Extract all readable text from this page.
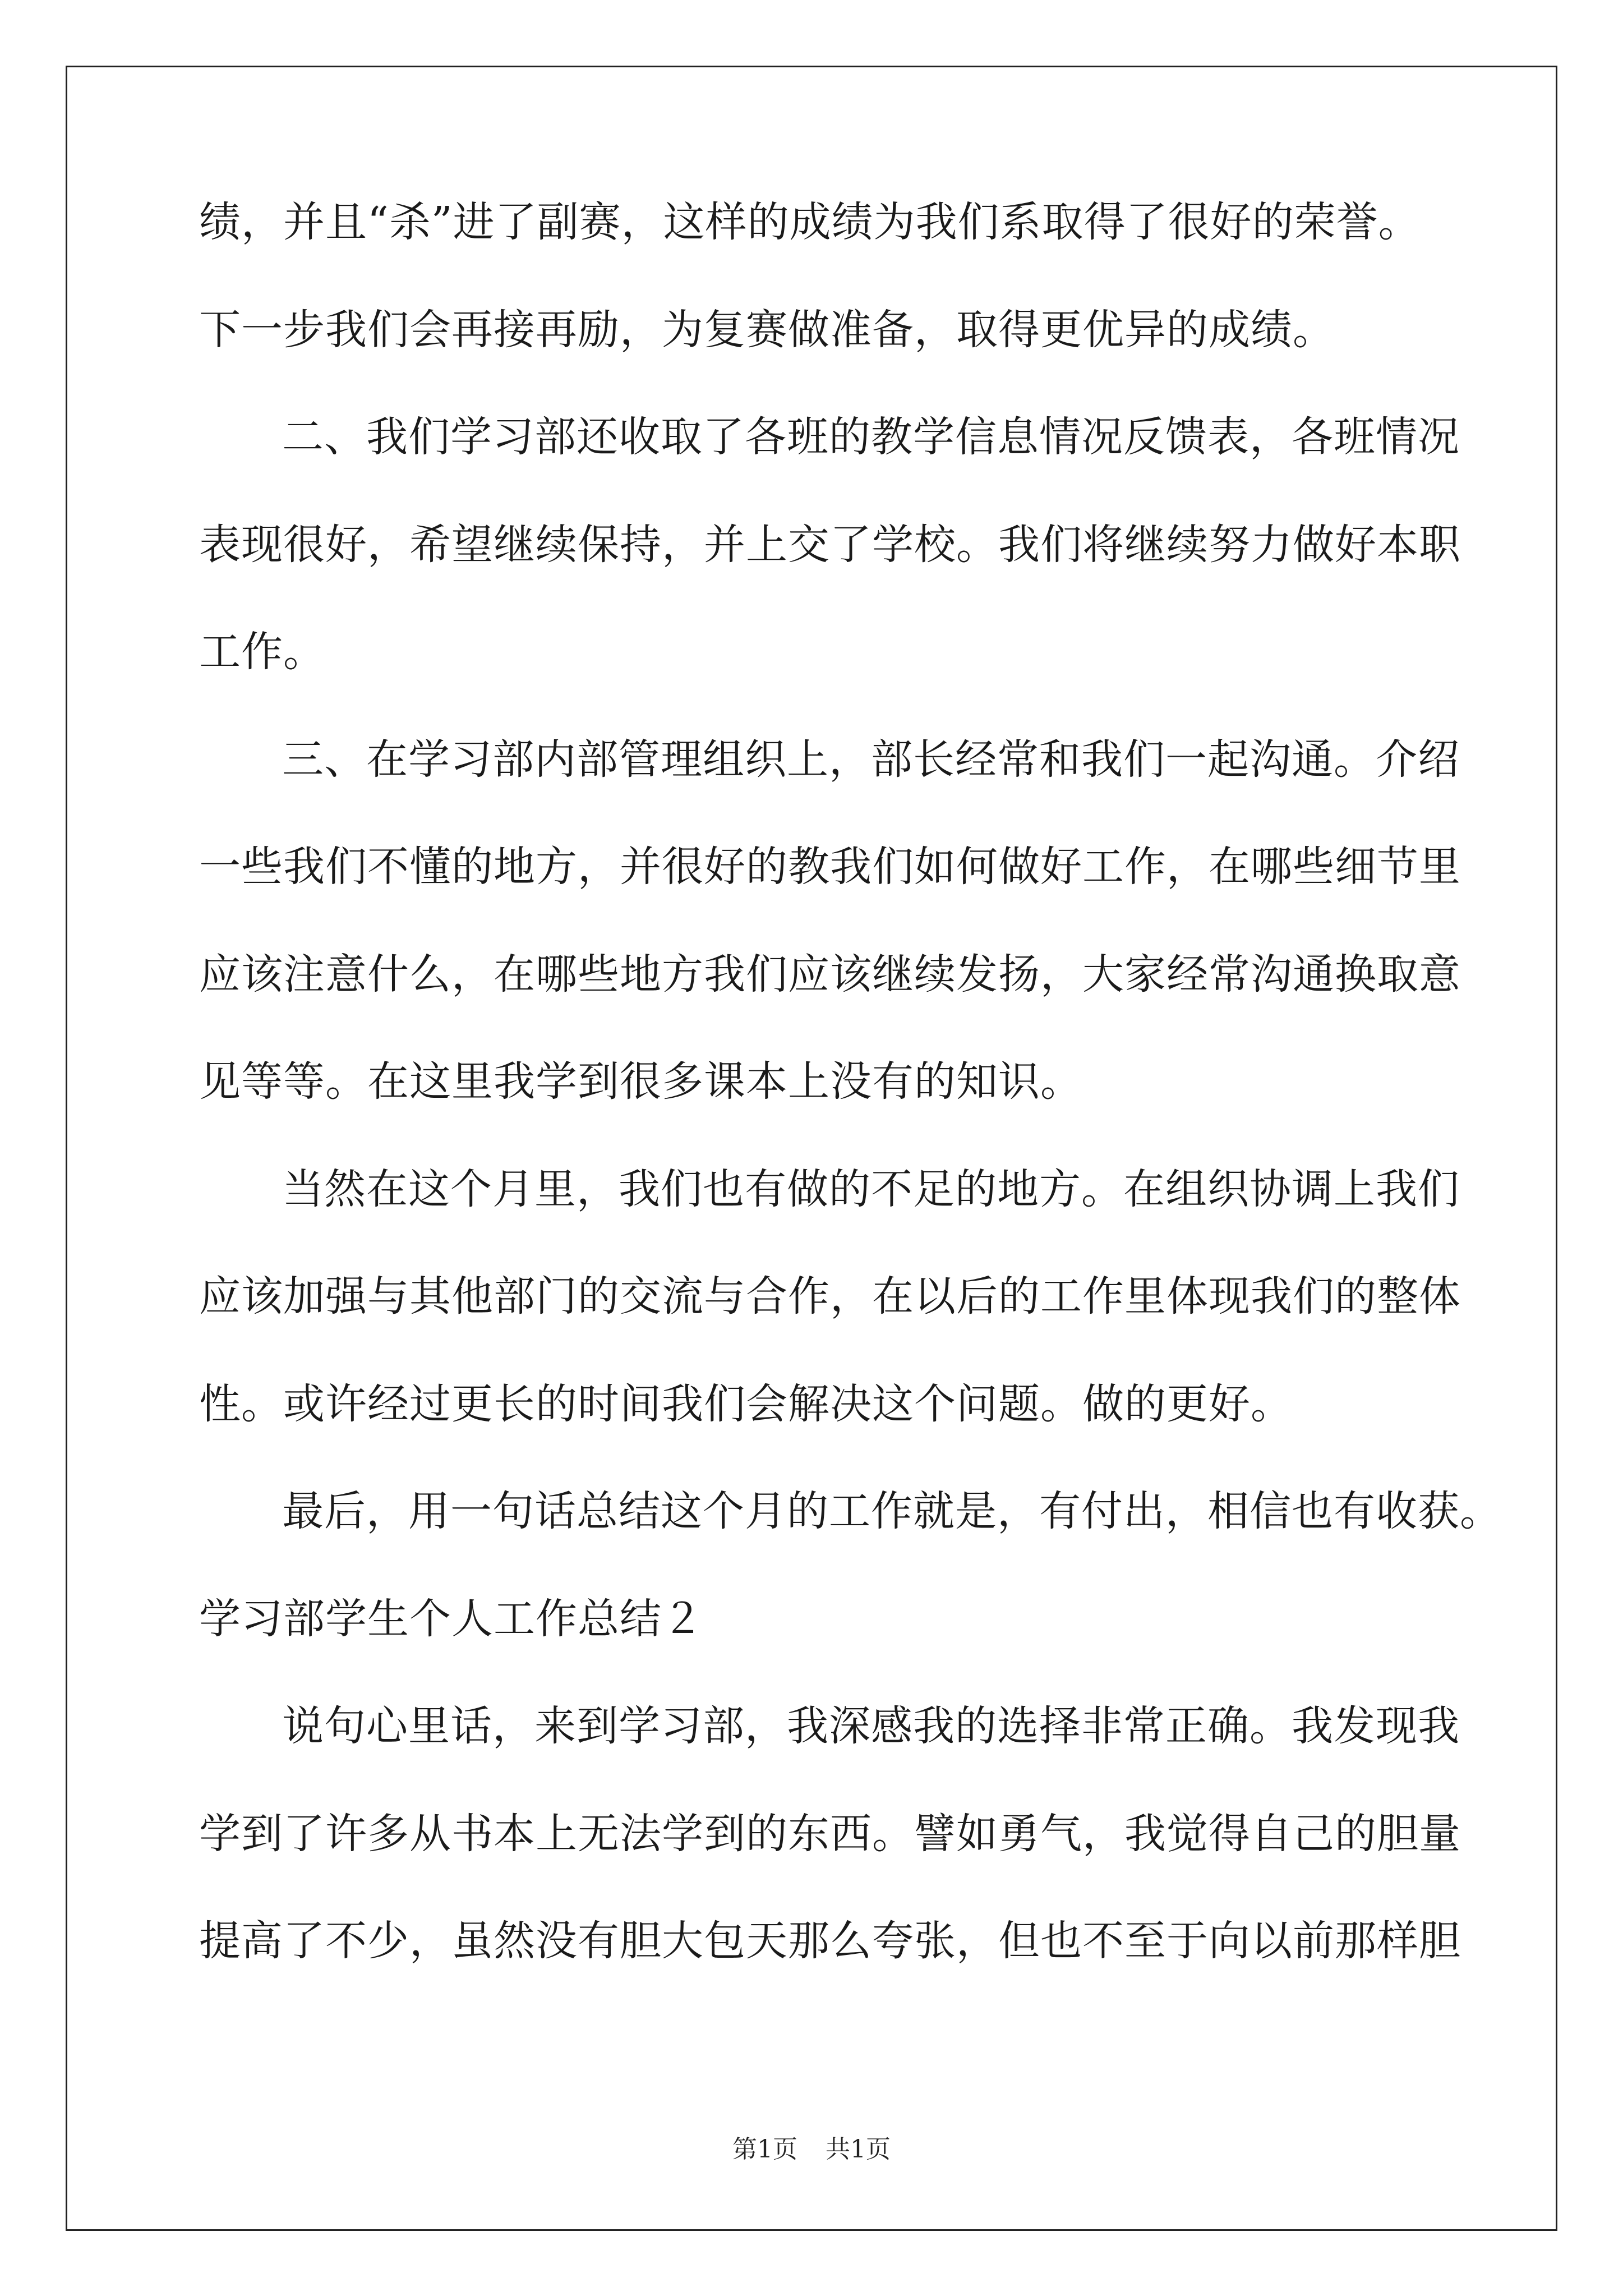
绩，并且“杀”进了副赛，这样的成绩为我们系取得了很好的荣誉。
下一步我们会再接再励，为复赛做准备，取得更优异的成绩。
二、我们学习部还收取了各班的教学信息情况反馈表，各班情况
表现很好，希望继续保持，并上交了学校。我们将继续努力做好本职
工作。
三、在学习部内部管理组织上，部长经常和我们一起沟通。介绍
一些我们不懂的地方，并很好的教我们如何做好工作，在哪些细节里
应该注意什么，在哪些地方我们应该继续发扬，大家经常沟通换取意
见等等。在这里我学到很多课本上没有的知识。
当然在这个月里，我们也有做的不足的地方。在组织协调上我们
应该加强与其他部门的交流与合作，在以后的工作里体现我们的整体
性。或许经过更长的时间我们会解决这个问题。做的更好。
最后，用一句话总结这个月的工作就是，有付出，相信也有收获。
学习部学生个人工作总结２
说句心里话，来到学习部，我深感我的选择非常正确。我发现我
学到了许多从书本上无法学到的东西。譬如勇气，我觉得自己的胆量
提高了不少，虽然没有胆大包天那么夸张，但也不至于向以前那样胆
第1页 共1页
